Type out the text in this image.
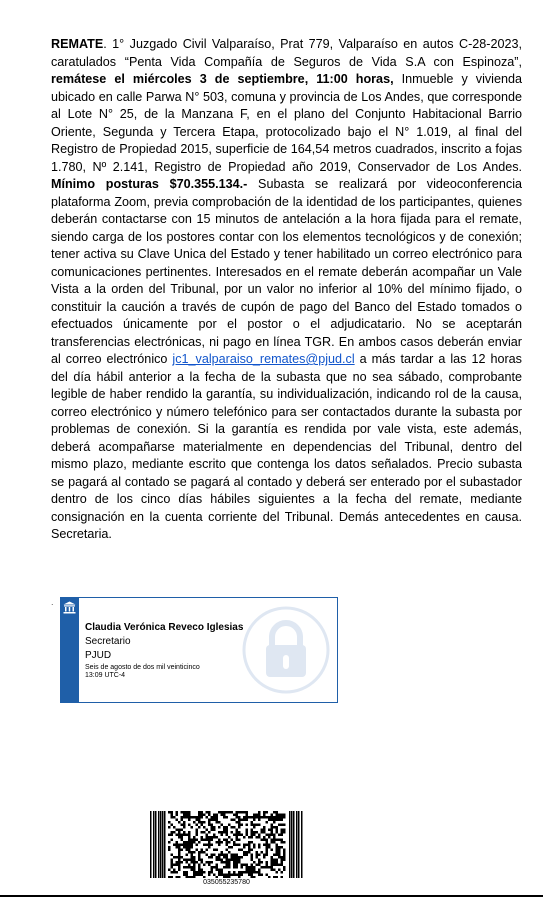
REMATE. 1° Juzgado Civil Valparaíso, Prat 779, Valparaíso en autos C-28-2023, caratulados “Penta Vida Compañía de Seguros de Vida S.A con Espinoza”, remátese el miércoles 3 de septiembre, 11:00 horas, Inmueble y vivienda ubicado en calle Parwa N° 503, comuna y provincia de Los Andes, que corresponde al Lote N° 25, de la Manzana F, en el plano del Conjunto Habitacional Barrio Oriente, Segunda y Tercera Etapa, protocolizado bajo el N° 1.019, al final del Registro de Propiedad 2015, superficie de 164,54 metros cuadrados, inscrito a fojas 1.780, Nº 2.141, Registro de Propiedad año 2019, Conservador de Los Andes. Mínimo posturas $70.355.134.- Subasta se realizará por videoconferencia plataforma Zoom, previa comprobación de la identidad de los participantes, quienes deberán contactarse con 15 minutos de antelación a la hora fijada para el remate, siendo carga de los postores contar con los elementos tecnológicos y de conexión; tener activa su Clave Unica del Estado y tener habilitado un correo electrónico para comunicaciones pertinentes. Interesados en el remate deberán acompañar un Vale Vista a la orden del Tribunal, por un valor no inferior al 10% del mínimo fijado, o constituir la caución a través de cupón de pago del Banco del Estado tomados o efectuados únicamente por el postor o el adjudicatario. No se aceptarán transferencias electrónicas, ni pago en línea TGR. En ambos casos deberán enviar al correo electrónico jc1_valparaiso_remates@pjud.cl a más tardar a las 12 horas del día hábil anterior a la fecha de la subasta que no sea sábado, comprobante legible de haber rendido la garantía, su individualización, indicando rol de la causa, correo electrónico y número telefónico para ser contactados durante la subasta por problemas de conexión. Si la garantía es rendida por vale vista, este además, deberá acompañarse materialmente en dependencias del Tribunal, dentro del mismo plazo, mediante escrito que contenga los datos señalados. Precio subasta se pagará al contado se pagará al contado y deberá ser enterado por el subastador dentro de los cinco días hábiles siguientes a la fecha del remate, mediante consignación en la cuenta corriente del Tribunal. Demás antecedentes en causa. Secretaria.
.
Claudia Verónica Reveco Iglesias
Secretario
PJUD
Seis de agosto de dos mil veinticinco
13:09 UTC-4
035055235780
